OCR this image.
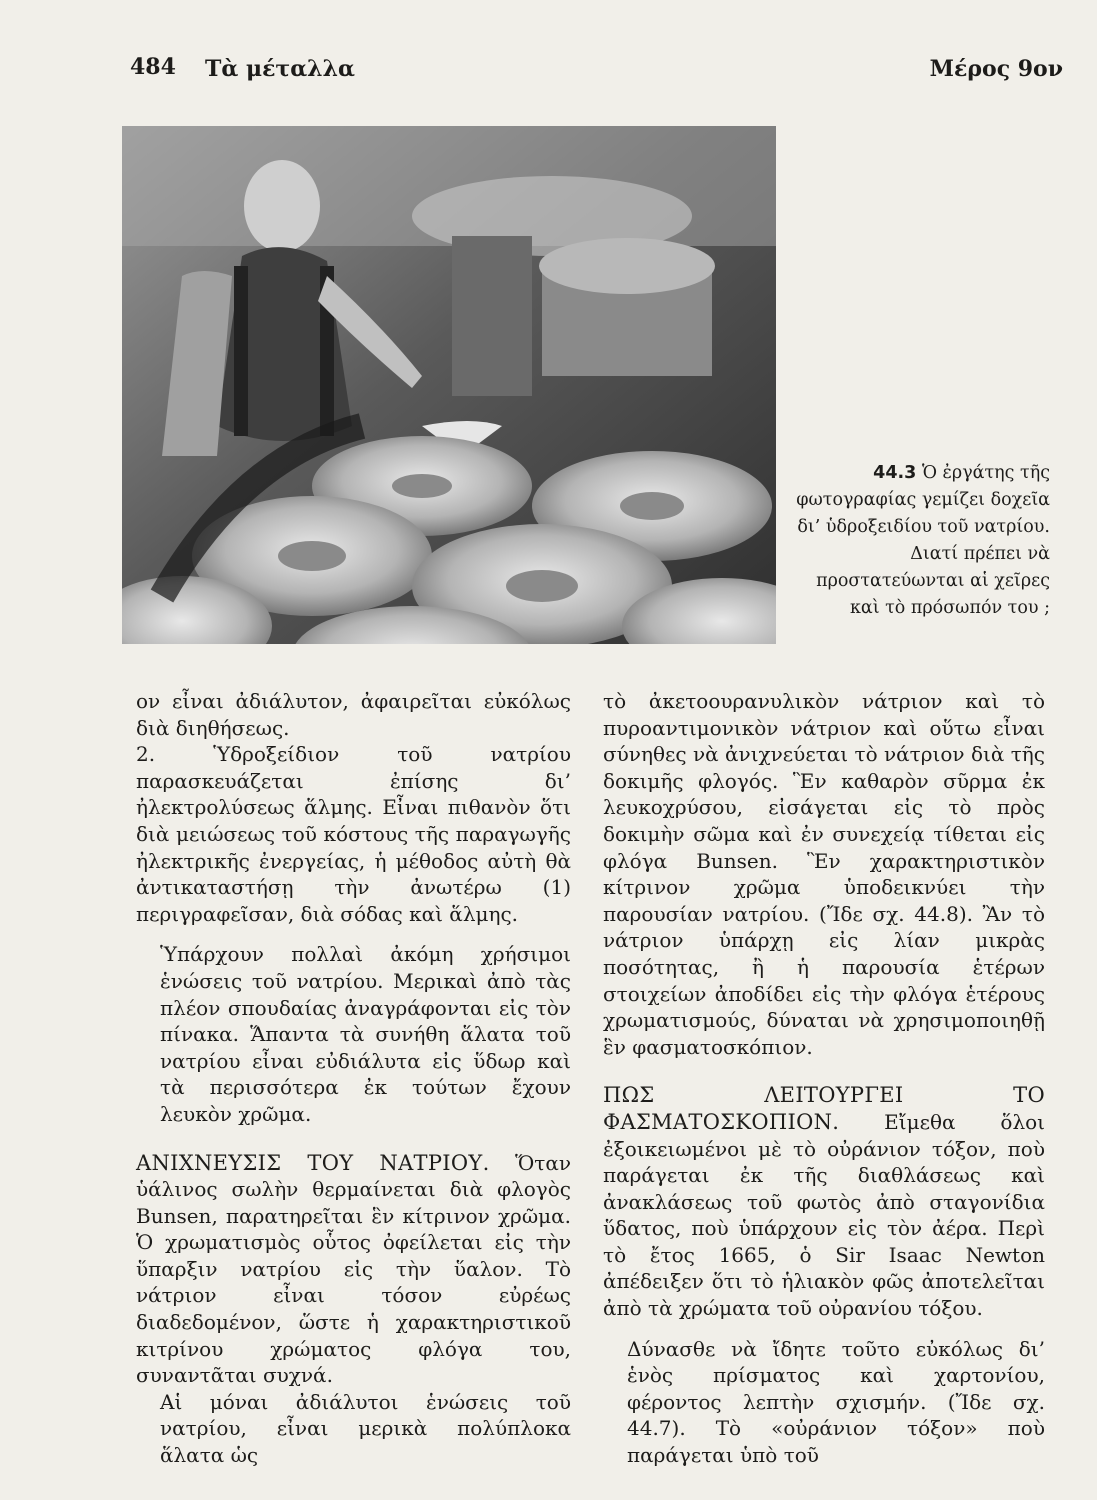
484 Τὰ μέταλλα	Μέρος 9ον
44.3 Ὁ ἐργάτης τῆς φωτογραφίας γεμίζει δοχεῖα δι’ ὑδροξειδίου τοῦ νατρίου. Διατί πρέπει νὰ προστατεύωνται αἱ χεῖρες καὶ τὸ πρόσωπόν του ;

ον εἶναι ἀδιάλυτον, ἀφαιρεῖται εὐκόλως διὰ διηθήσεως.

2.	Ὑδροξείδιον τοῦ νατρίου παρασκευάζεται ἐπίσης δι’ ἠλεκτρολύσεως ἅλμης. Εἶναι πιθανὸν ὅτι διὰ μειώσεως τοῦ κόστους τῆς παραγωγῆς ἠλεκτρικῆς ἐνεργείας, ἡ μέθοδος αὐτὴ θὰ ἀντικαταστήσῃ τὴν ἀνωτέρω (1) περιγραφεῖσαν, διὰ σόδας καὶ ἅλμης.

Ὑπάρχουν πολλαὶ ἀκόμη χρήσιμοι ἑνώσεις τοῦ νατρίου. Μερικαὶ ἀπὸ τὰς πλέον σπουδαίας ἀναγράφονται εἰς τὸν πίνακα. Ἅπαντα τὰ συνήθη ἅλατα τοῦ νατρίου εἶναι εὐδιάλυτα εἰς ὕδωρ καὶ τὰ περισσότερα ἐκ τούτων ἔχουν λευκὸν χρῶμα.

ΑΝΙΧΝΕΥΣΙΣ ΤΟΥ ΝΑΤΡΙΟΥ. Ὅταν ὑάλινος σωλὴν θερμαίνεται διὰ φλογὸς Bunsen, παρατηρεῖται ἓν κίτρινον χρῶμα. Ὁ χρωματισμὸς οὗτος ὀφείλεται εἰς τὴν ὕπαρξιν νατρίου εἰς τὴν ὕαλον. Τὸ νάτριον εἶναι τόσον εὐρέως διαδεδομένον, ὥστε ἡ χαρακτηριστικοῦ κιτρίνου χρώματος φλόγα του, συναντᾶται συχνά.

Αἱ μόναι ἀδιάλυτοι ἑνώσεις τοῦ νατρίου, εἶναι μερικὰ πολύπλοκα ἅλατα ὡς

τὸ ἀκετοουρανυλικὸν νάτριον καὶ τὸ πυροαντιμονικὸν νάτριον καὶ οὕτω εἶναι σύνηθες νὰ ἀνιχνεύεται τὸ νάτριον διὰ τῆς δοκιμῆς φλογός. Ἓν καθαρὸν σῦρμα ἐκ λευκοχρύσου, εἰσάγεται εἰς τὸ πρὸς δοκιμὴν σῶμα καὶ ἐν συνεχείᾳ τίθεται εἰς φλόγα Bunsen. Ἓν χαρακτηριστικὸν κίτρινον χρῶμα ὑποδεικνύει τὴν παρουσίαν νατρίου. (Ἴδε σχ. 44.8). Ἂν τὸ νάτριον ὑπάρχῃ εἰς λίαν μικρὰς ποσότητας, ἢ ἡ παρουσία ἑτέρων στοιχείων ἀποδίδει εἰς τὴν φλόγα ἑτέρους χρωματισμούς, δύναται νὰ χρησιμοποιηθῇ ἓν φασματοσκόπιον.

ΠΩΣ ΛΕΙΤΟΥΡΓΕΙ ΤΟ ΦΑΣΜΑΤΟΣΚΟΠΙΟΝ. Εἴμεθα ὅλοι ἐξοικειωμένοι μὲ τὸ οὐράνιον τόξον, ποὺ παράγεται ἐκ τῆς διαθλάσεως καὶ ἀνακλάσεως τοῦ φωτὸς ἀπὸ σταγονίδια ὕδατος, ποὺ ὑπάρχουν εἰς τὸν ἀέρα. Περὶ τὸ ἔτος 1665, ὁ Sir Isaac Newton ἀπέδειξεν ὅτι τὸ ἡλιακὸν φῶς ἀποτελεῖται ἀπὸ τὰ χρώματα τοῦ οὐρανίου τόξου.

Δύνασθε νὰ ἴδητε τοῦτο εὐκόλως δι’ ἑνὸς πρίσματος καὶ χαρτονίου, φέροντος λεπτὴν σχισμήν. (Ἴδε σχ. 44.7). Τὸ «οὐράνιον τόξον» ποὺ παράγεται ὑπὸ τοῦ
